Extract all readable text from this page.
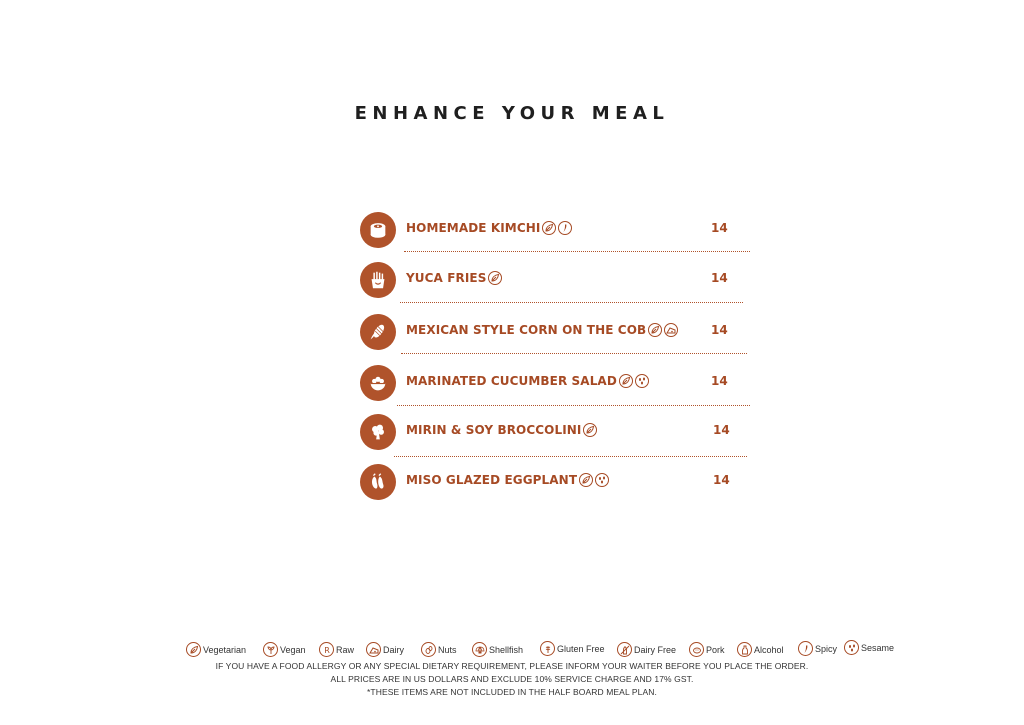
ENHANCE YOUR MEAL
HOMEMADE KIMCHI	14
YUCA FRIES	14
MEXICAN STYLE CORN ON THE COB	14
MARINATED CUCUMBER SALAD	14
MIRIN & SOY BROCCOLINI	14
MISO GLAZED EGGPLANT	14
Vegetarian	Vegan R Raw	Dairy	Nuts	Shellfish	Gluten Free	Dairy Free	Pork	Alcohol	Spicy	Sesame
IF YOU HAVE A FOOD ALLERGY OR ANY SPECIAL DIETARY REQUIREMENT, PLEASE INFORM YOUR WAITER BEFORE YOU PLACE THE ORDER.
ALL PRICES ARE IN US DOLLARS AND EXCLUDE 10% SERVICE CHARGE AND 17% GST.
*THESE ITEMS ARE NOT INCLUDED IN THE HALF BOARD MEAL PLAN.
